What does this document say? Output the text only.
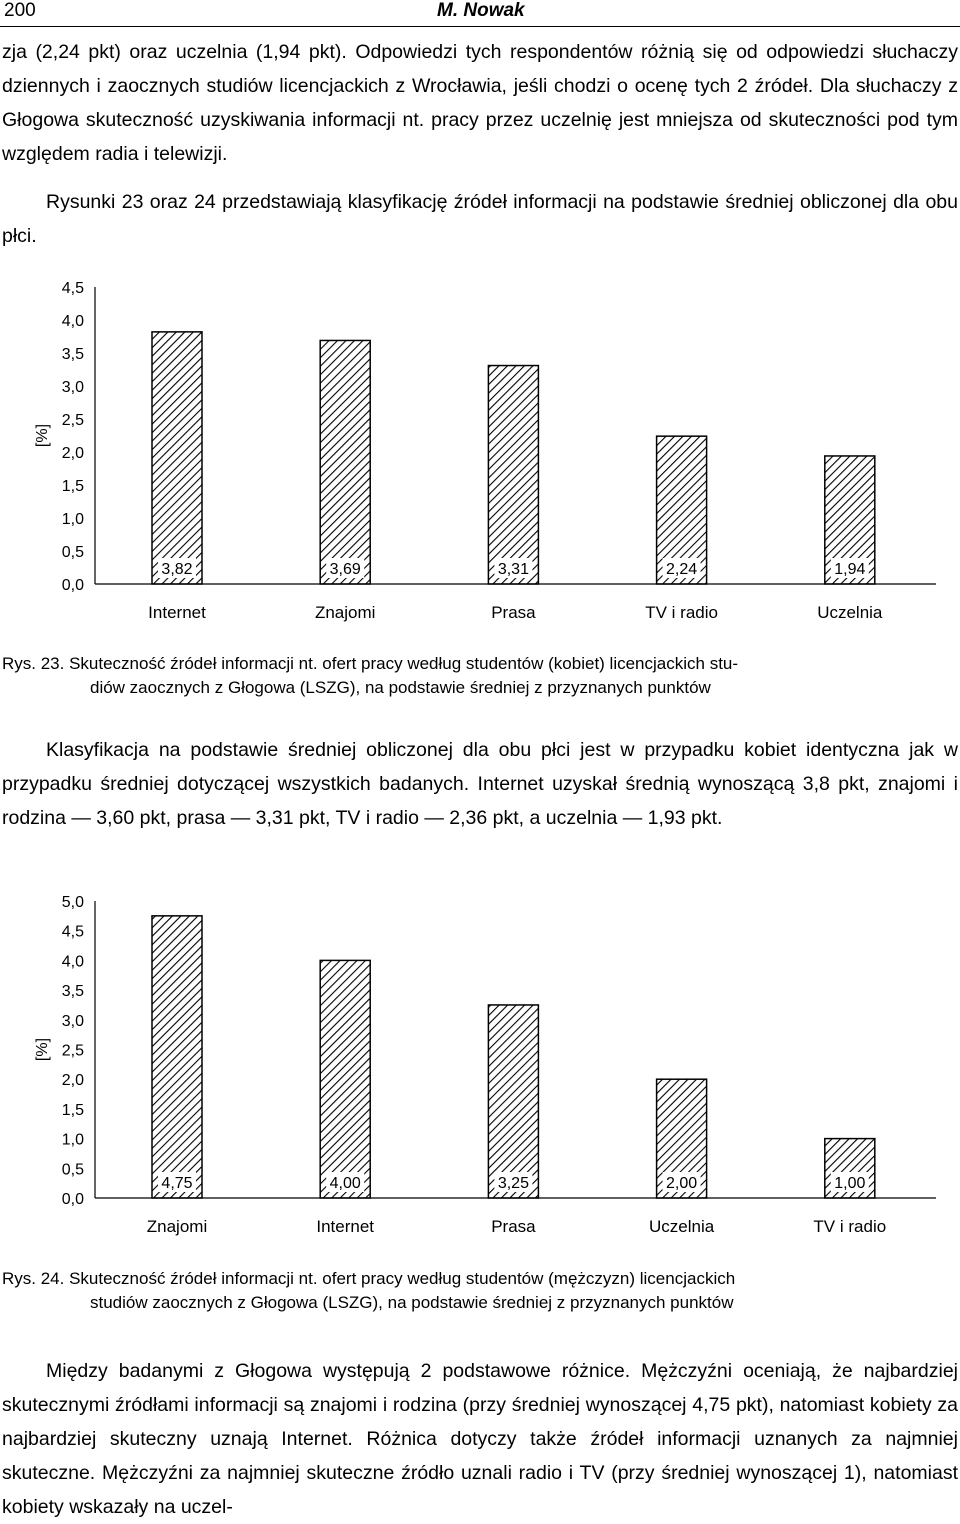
200	M. Nowak

zja (2,24 pkt) oraz uczelnia (1,94 pkt). Odpowiedzi tych respondentów różnią się od odpowiedzi słuchaczy dziennych i zaocznych studiów licencjackich z Wrocławia, jeśli chodzi o ocenę tych 2 źródeł. Dla słuchaczy z Głogowa skuteczność uzyskiwania informacji nt. pracy przez uczelnię jest mniejsza od skuteczności pod tym względem radia i telewizji.

Rysunki 23 oraz 24 przedstawiają klasyfikację źródeł informacji na podstawie średniej obliczonej dla obu płci.

[%]
0,0
0,5
1,0
1,5
2,0
2,5
3,0
3,5
4,0
4,5
3,82
Internet
3,69
Znajomi
3,31
Prasa
2,24
TV i radio
1,94
Uczelnia
Rys. 23. Skuteczność źródeł informacji nt. ofert pracy według studentów (kobiet) licencjackich stu-
diów zaocznych z Głogowa (LSZG), na podstawie średniej z przyznanych punktów

Klasyfikacja na podstawie średniej obliczonej dla obu płci jest w przypadku kobiet identyczna jak w przypadku średniej dotyczącej wszystkich badanych. Internet uzyskał średnią wynoszącą 3,8 pkt, znajomi i rodzina — 3,60 pkt, prasa — 3,31 pkt, TV i radio — 2,36 pkt, a uczelnia — 1,93 pkt.

[%]
0,0
0,5
1,0
1,5
2,0
2,5
3,0
3,5
4,0
4,5
5,0
4,75
Znajomi
4,00
Internet
3,25
Prasa
2,00
Uczelnia
1,00
TV i radio
Rys. 24. Skuteczność źródeł informacji nt. ofert pracy według studentów (mężczyzn) licencjackich
studiów zaocznych z Głogowa (LSZG), na podstawie średniej z przyznanych punktów

Między badanymi z Głogowa występują 2 podstawowe różnice. Mężczyźni oceniają, że najbardziej skutecznymi źródłami informacji są znajomi i rodzina (przy średniej wynoszącej 4,75 pkt), natomiast kobiety za najbardziej skuteczny uznają Internet. Różnica dotyczy także źródeł informacji uznanych za najmniej skuteczne. Mężczyźni za najmniej skuteczne źródło uznali radio i TV (przy średniej wynoszącej 1), natomiast kobiety wskazały na uczel-
